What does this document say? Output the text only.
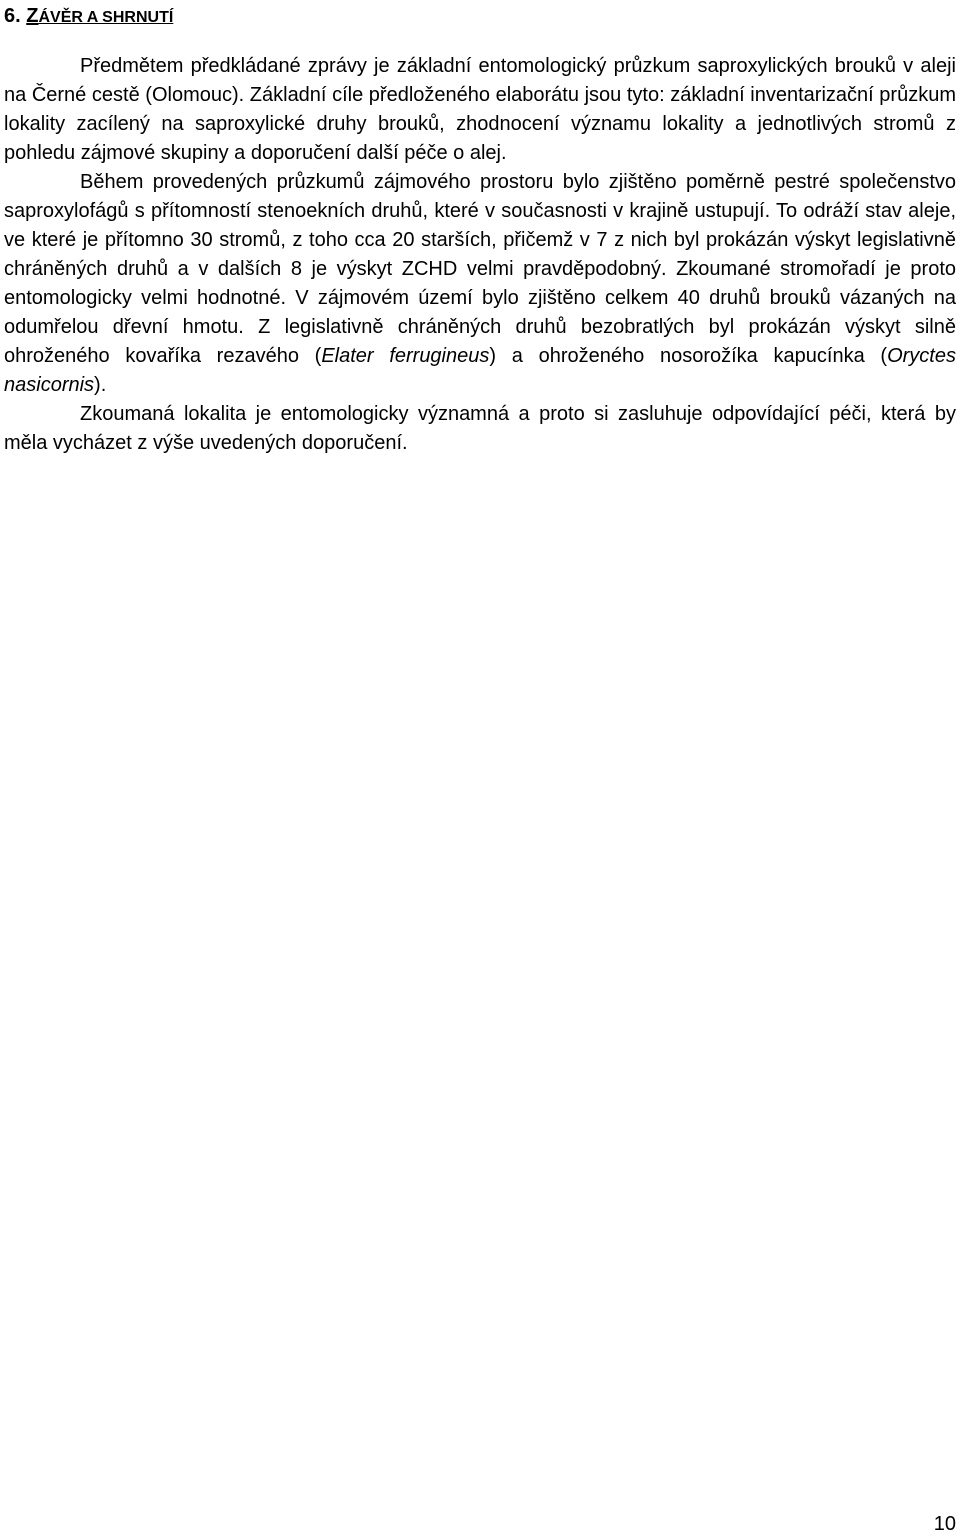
6. ZÁVĚR A SHRNUTÍ

Předmětem předkládané zprávy je základní entomologický průzkum saproxylických brouků v aleji na Černé cestě (Olomouc). Základní cíle předloženého elaborátu jsou tyto: základní inventarizační průzkum lokality zacílený na saproxylické druhy brouků, zhodnocení významu lokality a jednotlivých stromů z pohledu zájmové skupiny a doporučení další péče o alej.

Během provedených průzkumů zájmového prostoru bylo zjištěno poměrně pestré společenstvo saproxylofágů s přítomností stenoekních druhů, které v současnosti v krajině ustupují. To odráží stav aleje, ve které je přítomno 30 stromů, z toho cca 20 starších, přičemž v 7 z nich byl prokázán výskyt legislativně chráněných druhů a v dalších 8 je výskyt ZCHD velmi pravděpodobný. Zkoumané stromořadí je proto entomologicky velmi hodnotné. V zájmovém území bylo zjištěno celkem 40 druhů brouků vázaných na odumřelou dřevní hmotu. Z legislativně chráněných druhů bezobratlých byl prokázán výskyt silně ohroženého kovaříka rezavého (Elater ferrugineus) a ohroženého nosorožíka kapucínka (Oryctes nasicornis).

Zkoumaná lokalita je entomologicky významná a proto si zasluhuje odpovídající péči, která by měla vycházet z výše uvedených doporučení.

10
